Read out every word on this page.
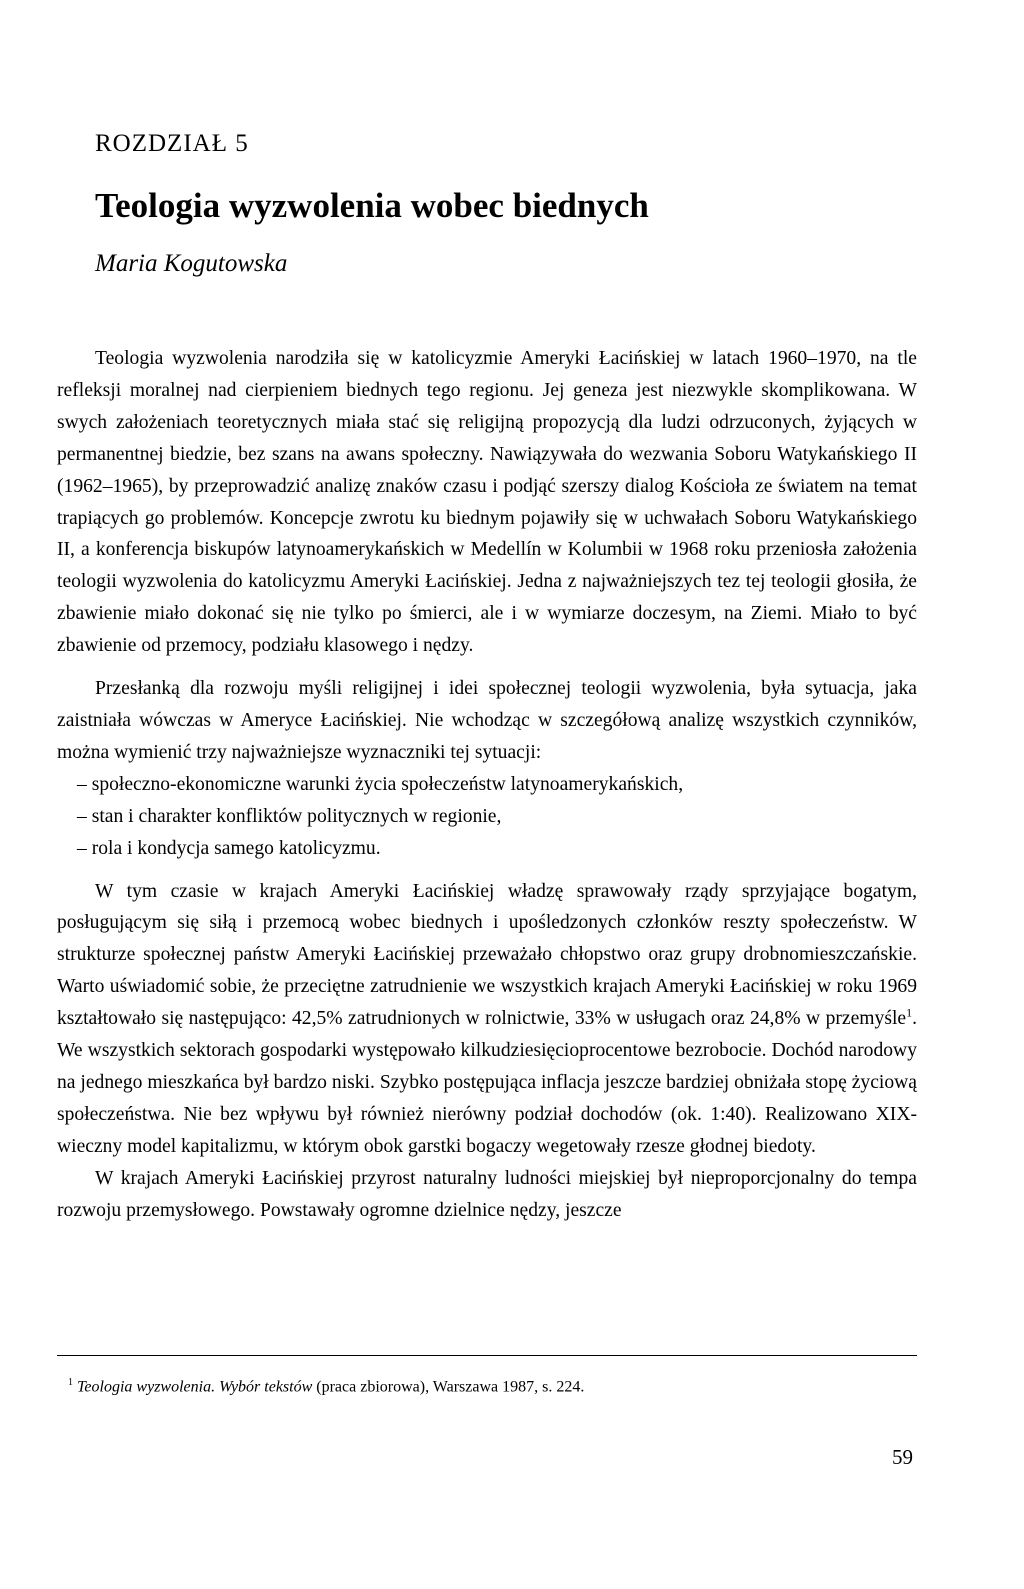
ROZDZIAŁ 5
Teologia wyzwolenia wobec biednych
Maria Kogutowska

Teologia wyzwolenia narodziła się w katolicyzmie Ameryki Łacińskiej w latach 1960–1970, na tle refleksji moralnej nad cierpieniem biednych tego regionu. Jej geneza jest niezwykle skomplikowana. W swych założeniach teoretycznych miała stać się religijną propozycją dla ludzi odrzuconych, żyjących w permanentnej biedzie, bez szans na awans społeczny. Nawiązywała do wezwania Soboru Watykańskiego II (1962–1965), by przeprowadzić analizę znaków czasu i podjąć szerszy dialog Kościoła ze światem na temat trapiących go problemów. Koncepcje zwrotu ku biednym pojawiły się w uchwałach Soboru Watykańskiego II, a konferencja biskupów latynoamerykańskich w Medellín w Kolumbii w 1968 roku przeniosła założenia teologii wyzwolenia do katolicyzmu Ameryki Łacińskiej. Jedna z najważniejszych tez tej teologii głosiła, że zbawienie miało dokonać się nie tylko po śmierci, ale i w wymiarze doczesym, na Ziemi. Miało to być zbawienie od przemocy, podziału klasowego i nędzy.

Przesłanką dla rozwoju myśli religijnej i idei społecznej teologii wyzwolenia, była sytuacja, jaka zaistniała wówczas w Ameryce Łacińskiej. Nie wchodząc w szczegółową analizę wszystkich czynników, można wymienić trzy najważniejsze wyznaczniki tej sytuacji:

– społeczno-ekonomiczne warunki życia społeczeństw latynoamerykańskich,
– stan i charakter konfliktów politycznych w regionie,
– rola i kondycja samego katolicyzmu.

W tym czasie w krajach Ameryki Łacińskiej władzę sprawowały rządy sprzyjające bogatym, posługującym się siłą i przemocą wobec biednych i upośledzonych członków reszty społeczeństw. W strukturze społecznej państw Ameryki Łacińskiej przeważało chłopstwo oraz grupy drobnomieszczańskie. Warto uświadomić sobie, że przeciętne zatrudnienie we wszystkich krajach Ameryki Łacińskiej w roku 1969 kształtowało się następująco: 42,5% zatrudnionych w rolnictwie, 33% w usługach oraz 24,8% w przemyśle$^1$. We wszystkich sektorach gospodarki występowało kilkudziesięcioprocentowe bezrobocie. Dochód narodowy na jednego mieszkańca był bardzo niski. Szybko postępująca inflacja jeszcze bardziej obniżała stopę życiową społeczeństwa. Nie bez wpływu był również nierówny podział dochodów (ok. 1:40). Realizowano XIX-wieczny model kapitalizmu, w którym obok garstki bogaczy wegetowały rzesze głodnej biedoty.

W krajach Ameryki Łacińskiej przyrost naturalny ludności miejskiej był nieproporcjonalny do tempa rozwoju przemysłowego. Powstawały ogromne dzielnice nędzy, jeszcze

$^1$ Teologia wyzwolenia. Wybór tekstów (praca zbiorowa), Warszawa 1987, s. 224.
59
